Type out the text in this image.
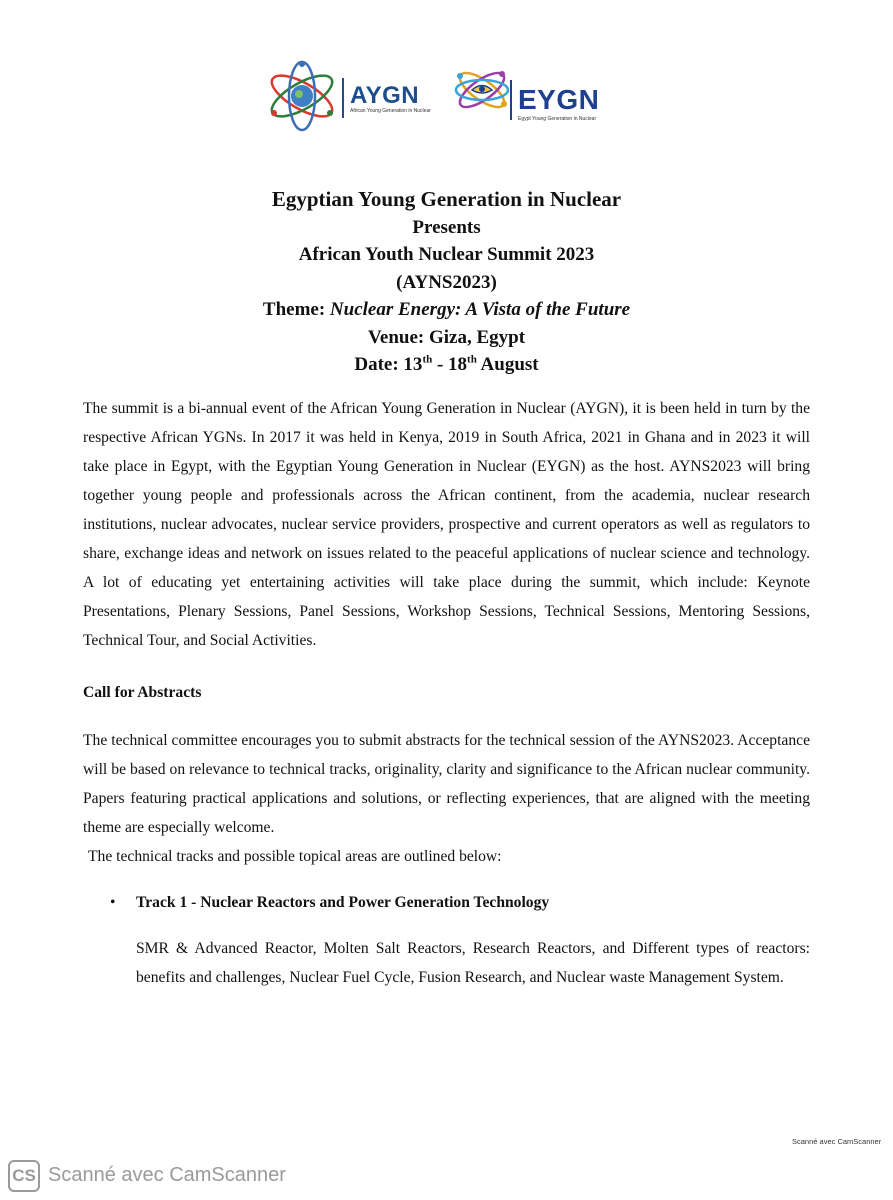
AYGN
African Young Generation in Nuclear	EYGN
Egypt Young Generation in Nuclear
Egyptian Young Generation in Nuclear
Presents
African Youth Nuclear Summit 2023
(AYNS2023)
Theme: Nuclear Energy: A Vista of the Future
Venue: Giza, Egypt
Date: 13th - 18th August
The summit is a bi-annual event of the African Young Generation in Nuclear (AYGN), it is been held in turn by the respective African YGNs. In 2017 it was held in Kenya, 2019 in South Africa, 2021 in Ghana and in 2023 it will take place in Egypt, with the Egyptian Young Generation in Nuclear (EYGN) as the host. AYNS2023 will bring together young people and professionals across the African continent, from the academia, nuclear research institutions, nuclear advocates, nuclear service providers, prospective and current operators as well as regulators to share, exchange ideas and network on issues related to the peaceful applications of nuclear science and technology. A lot of educating yet entertaining activities will take place during the summit, which include: Keynote Presentations, Plenary Sessions, Panel Sessions, Workshop Sessions, Technical Sessions, Mentoring Sessions, Technical Tour, and Social Activities.
Call for Abstracts
The technical committee encourages you to submit abstracts for the technical session of the AYNS2023. Acceptance will be based on relevance to technical tracks, originality, clarity and significance to the African nuclear community. Papers featuring practical applications and solutions, or reflecting experiences, that are aligned with the meeting theme are especially welcome.
The technical tracks and possible topical areas are outlined below:
• Track 1 - Nuclear Reactors and Power Generation Technology
SMR & Advanced Reactor, Molten Salt Reactors, Research Reactors, and Different types of reactors: benefits and challenges, Nuclear Fuel Cycle, Fusion Research, and Nuclear waste Management System.
Scanné avec CamScanner
CS Scanné avec CamScanner
